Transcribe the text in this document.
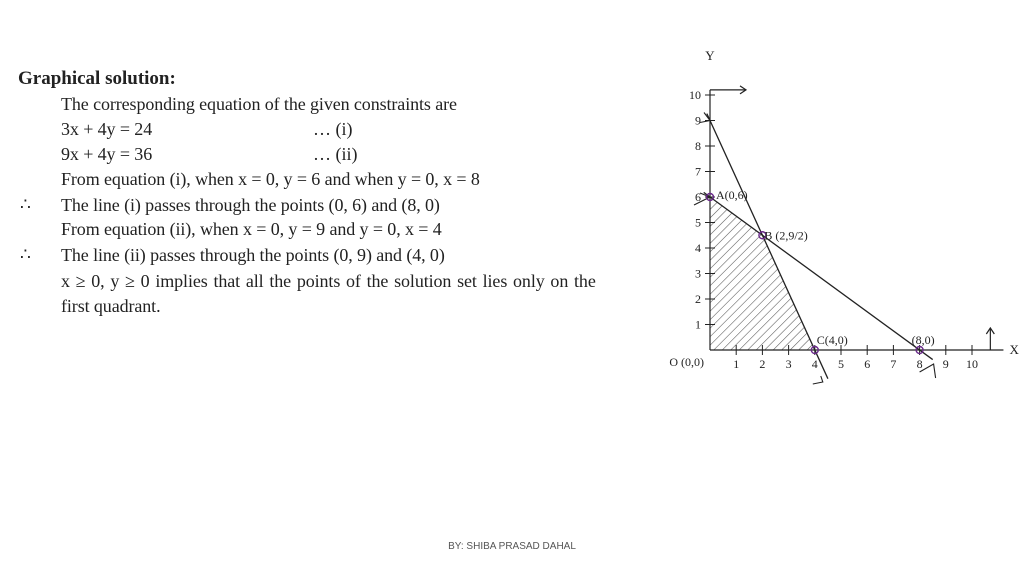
Graphical solution:
The corresponding equation of the given constraints are
3x + 4y = 24	… (i)
9x + 4y = 36	… (ii)
From equation (i), when x = 0, y = 6 and when y = 0, x = 8
∴ The line (i) passes through the points (0, 6) and (8, 0)
From equation (ii), when x = 0, y = 9 and y = 0, x = 4
∴ The line (ii) passes through the points (0, 9) and (4, 0)
x ≥ 0, y ≥ 0 implies that all the points of the solution set lies only on the
first quadrant.
Y
X
O (0,0) 1 2 3 4 5 6 7 8 9 10
1
2
3
4
5
6
7
8
9
10
A(0,6)
B (2,9/2)
C(4,0)	(8,0)
BY: SHIBA PRASAD DAHAL
